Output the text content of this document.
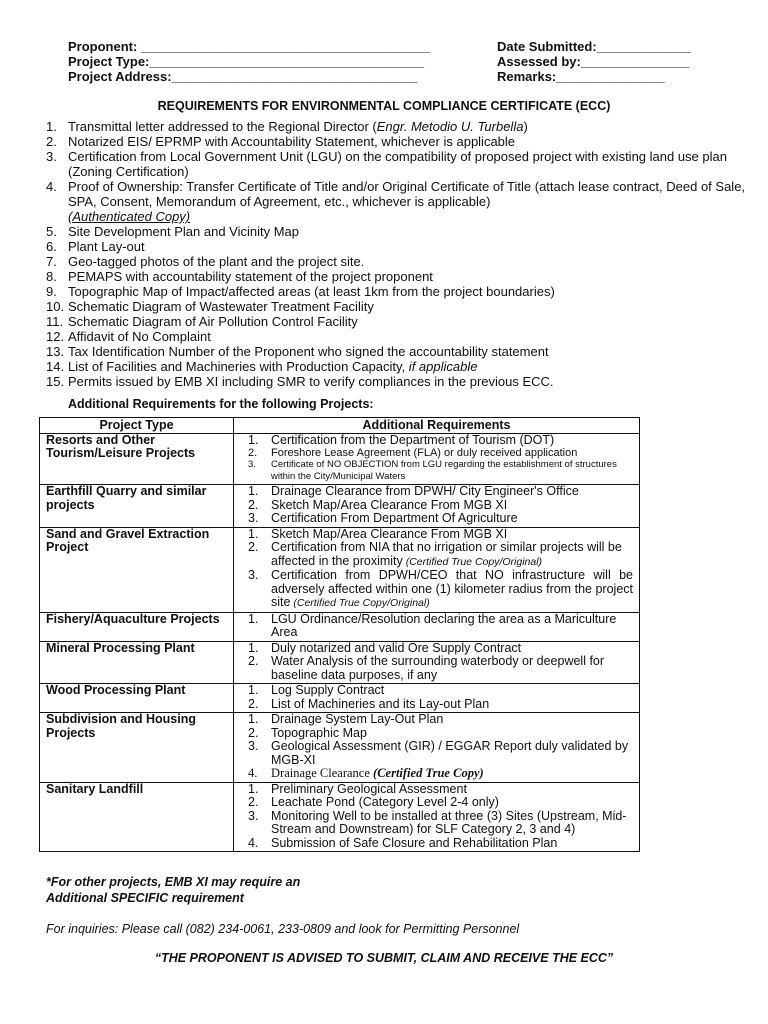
Proponent: ________________________________________
Project Type:______________________________________
Project Address:__________________________________
Date Submitted:_____________
Assessed by:_______________
Remarks:_______________
REQUIREMENTS FOR ENVIRONMENTAL COMPLIANCE CERTIFICATE (ECC)
1. Transmittal letter addressed to the Regional Director (Engr. Metodio U. Turbella)
2. Notarized EIS/ EPRMP with Accountability Statement, whichever is applicable
3. Certification from Local Government Unit (LGU) on the compatibility of proposed project with existing land use plan (Zoning Certification)
4. Proof of Ownership: Transfer Certificate of Title and/or Original Certificate of Title (attach lease contract, Deed of Sale, SPA, Consent, Memorandum of Agreement, etc., whichever is applicable)
(Authenticated Copy)
5. Site Development Plan and Vicinity Map
6. Plant Lay-out
7. Geo-tagged photos of the plant and the project site.
8. PEMAPS with accountability statement of the project proponent
9. Topographic Map of Impact/affected areas (at least 1km from the project boundaries)
10. Schematic Diagram of Wastewater Treatment Facility
11. Schematic Diagram of Air Pollution Control Facility
12. Affidavit of No Complaint
13. Tax Identification Number of the Proponent who signed the accountability statement
14. List of Facilities and Machineries with Production Capacity, if applicable
15. Permits issued by EMB XI including SMR to verify compliances in the previous ECC.
Additional Requirements for the following Projects:
Project Type	Additional Requirements
Resorts and Other Tourism/Leisure Projects
1. Certification from the Department of Tourism (DOT)
2. Foreshore Lease Agreement (FLA) or duly received application
3. Certificate of NO OBJECTION from LGU regarding the establishment of structures within the City/Municipal Waters
Earthfill Quarry and similar projects
1. Drainage Clearance from DPWH/ City Engineer's Office
2. Sketch Map/Area Clearance From MGB XI
3. Certification From Department Of Agriculture
Sand and Gravel Extraction Project
1. Sketch Map/Area Clearance From MGB XI
2. Certification from NIA that no irrigation or similar projects will be affected in the proximity (Certified True Copy/Original)
3. Certification from DPWH/CEO that NO infrastructure will be adversely affected within one (1) kilometer radius from the project site (Certified True Copy/Original)
Fishery/Aquaculture Projects	1. LGU Ordinance/Resolution declaring the area as a Mariculture Area
Mineral Processing Plant	1. Duly notarized and valid Ore Supply Contract
2. Water Analysis of the surrounding waterbody or deepwell for baseline data purposes, if any
Wood Processing Plant	1. Log Supply Contract
2. List of Machineries and its Lay-out Plan
Subdivision and Housing Projects
1. Drainage System Lay-Out Plan
2. Topographic Map
3. Geological Assessment (GIR) / EGGAR Report duly validated by MGB-XI
4. Drainage Clearance (Certified True Copy)
Sanitary Landfill	1. Preliminary Geological Assessment
2. Leachate Pond (Category Level 2-4 only)
3. Monitoring Well to be installed at three (3) Sites (Upstream, Mid-Stream and Downstream) for SLF Category 2, 3 and 4)
4. Submission of Safe Closure and Rehabilitation Plan
*For other projects, EMB XI may require an
Additional SPECIFIC requirement
For inquiries: Please call (082) 234-0061, 233-0809 and look for Permitting Personnel
“THE PROPONENT IS ADVISED TO SUBMIT, CLAIM AND RECEIVE THE ECC”
